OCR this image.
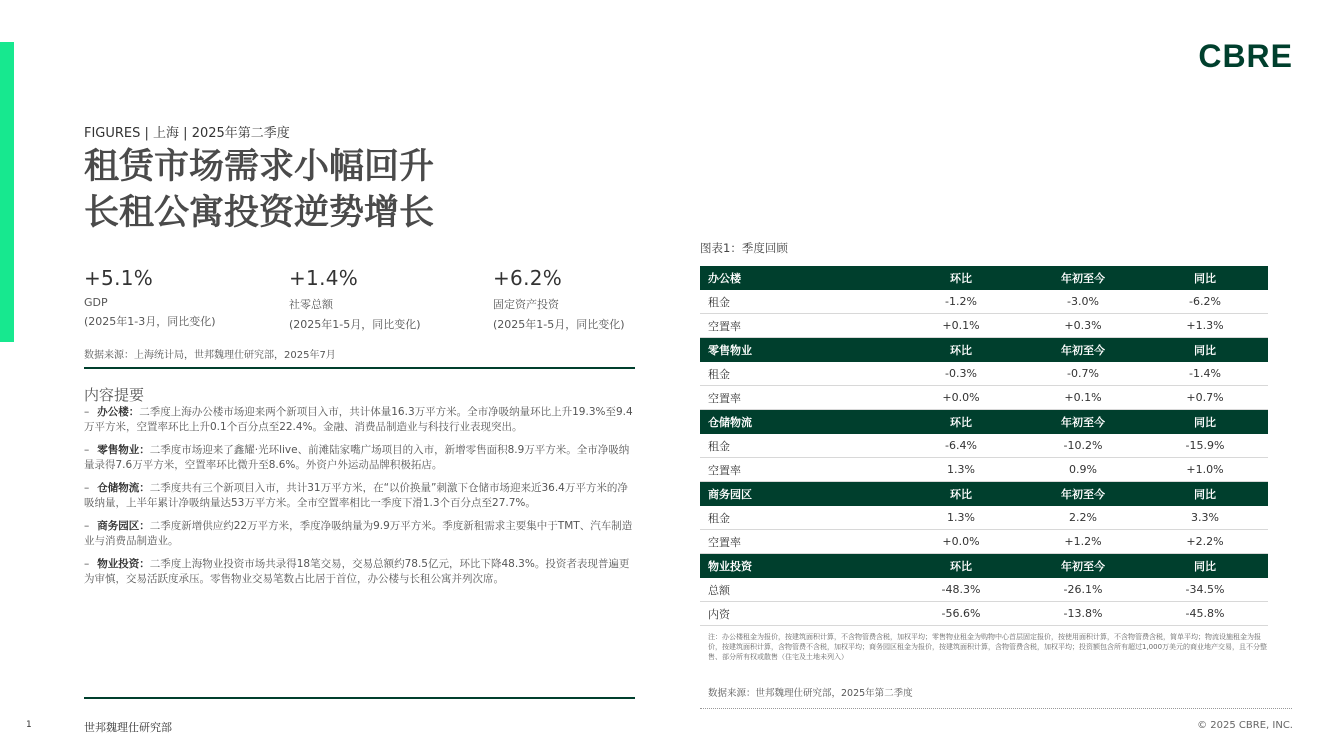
CBRE
FIGURES | 上海 | 2025年第二季度
租赁市场需求小幅回升
长租公寓投资逆势增长
+5.1%
GDP
(2025年1-3月，同比变化)
+1.4%
社零总额
(2025年1-5月，同比变化)
+6.2%
固定资产投资
(2025年1-5月，同比变化)
数据来源：上海统计局，世邦魏理仕研究部，2025年7月
内容提要
– 办公楼：二季度上海办公楼市场迎来两个新项目入市，共计体量16.3万平方米。全市净吸纳量环比上升19.3%至9.4万平方米，空置率环比上升0.1个百分点至22.4%。金融、消费品制造业与科技行业表现突出。
– 零售物业：二季度市场迎来了鑫耀·光环live、前滩陆家嘴广场项目的入市，新增零售面积8.9万平方米。全市净吸纳量录得7.6万平方米，空置率环比微升至8.6%。外资户外运动品牌积极拓店。
– 仓储物流：二季度共有三个新项目入市，共计31万平方米，在“以价换量”刺激下仓储市场迎来近36.4万平方米的净吸纳量，上半年累计净吸纳量达53万平方米。全市空置率相比一季度下滑1.3个百分点至27.7%。
– 商务园区：二季度新增供应约22万平方米，季度净吸纳量为9.9万平方米。季度新租需求主要集中于TMT、汽车制造业与消费品制造业。
– 物业投资：二季度上海物业投资市场共录得18笔交易，交易总额约78.5亿元，环比下降48.3%。投资者表现普遍更为审慎，交易活跃度承压。零售物业交易笔数占比居于首位，办公楼与长租公寓并列次席。
图表1：季度回顾
办公楼	环比	年初至今	同比
租金	-1.2%	-3.0%	-6.2%
空置率	+0.1%	+0.3%	+1.3%
零售物业	环比	年初至今	同比
租金	-0.3%	-0.7%	-1.4%
空置率	+0.0%	+0.1%	+0.7%
仓储物流	环比	年初至今	同比
租金	-6.4%	-10.2%	-15.9%
空置率	1.3%	0.9%	+1.0%
商务园区	环比	年初至今	同比
租金	1.3%	2.2%	3.3%
空置率	+0.0%	+1.2%	+2.2%
物业投资	环比	年初至今	同比
总额	-48.3%	-26.1%	-34.5%
内资	-56.6%	-13.8%	-45.8%
注：办公楼租金为报价，按建筑面积计算，不含物管费含税，加权平均；零售物业租金为购物中心首层固定报价，按使用面积计算，不含物管费含税，简单平均；物流设施租金为报价，按建筑面积计算，含物管费不含税，加权平均；商务园区租金为报价，按建筑面积计算，含物管费含税，加权平均；投资额包含所有超过1,000万美元的商业地产交易，且不分整售、部分所有权或散售（住宅及土地未列入）
数据来源：世邦魏理仕研究部，2025年第二季度
1	世邦魏理仕研究部	© 2025 CBRE, INC.
